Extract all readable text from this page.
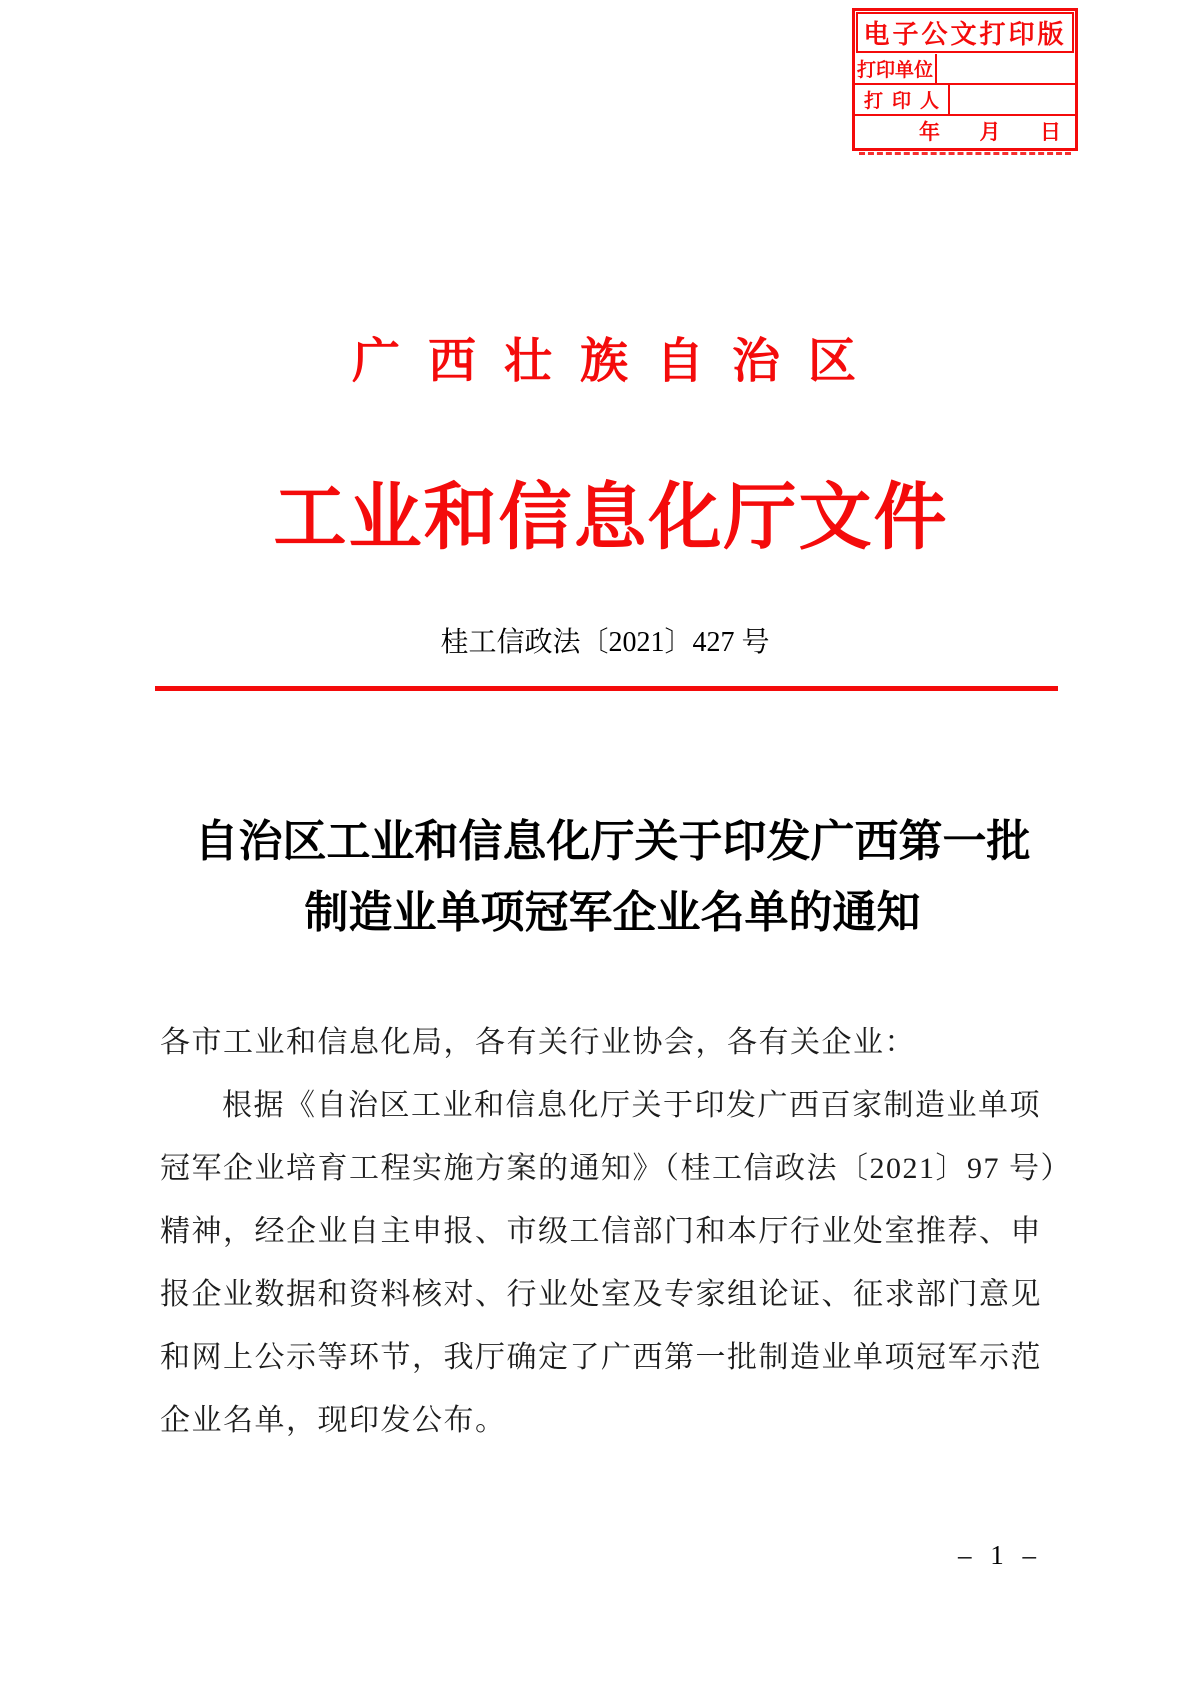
电子公文打印版
打印单位
打印人
年 月 日
广西壮族自治区
工业和信息化厅文件
桂工信政法〔2021〕427 号
自治区工业和信息化厅关于印发广西第一批
制造业单项冠军企业名单的通知
各市工业和信息化局，各有关行业协会，各有关企业：
根据《自治区工业和信息化厅关于印发广西百家制造业单项
冠军企业培育工程实施方案的通知》（桂工信政法〔2021〕97 号）
精神，经企业自主申报、市级工信部门和本厅行业处室推荐、申
报企业数据和资料核对、行业处室及专家组论证、征求部门意见
和网上公示等环节，我厅确定了广西第一批制造业单项冠军示范
企业名单，现印发公布。
– 1 –
